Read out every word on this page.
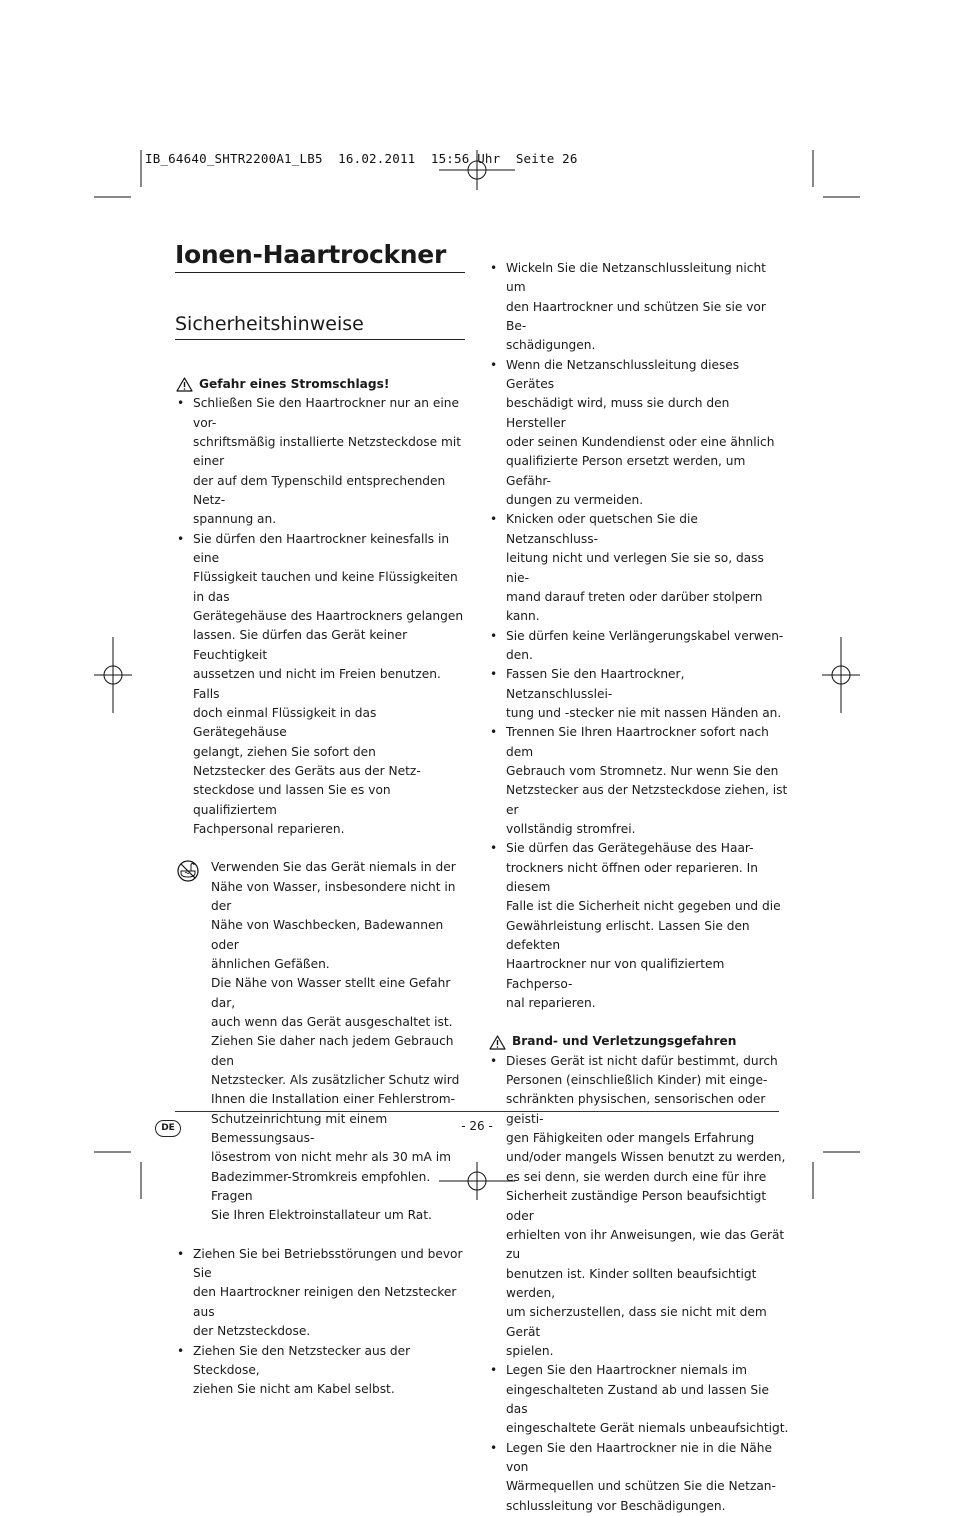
IB_64640_SHTR2200A1_LB5  16.02.2011  15:56 Uhr  Seite 26
Ionen-Haartrockner
Sicherheitshinweise
Gefahr eines Stromschlags!
• Schließen Sie den Haartrockner nur an eine vor-
schriftsmäßig installierte Netzsteckdose mit einer
der auf dem Typenschild entsprechenden Netz-
spannung an.
• Sie dürfen den Haartrockner keinesfalls in eine
Flüssigkeit tauchen und keine Flüssigkeiten in das
Gerätegehäuse des Haartrockners gelangen
lassen. Sie dürfen das Gerät keiner Feuchtigkeit
aussetzen und nicht im Freien benutzen. Falls
doch einmal Flüssigkeit in das Gerätegehäuse
gelangt, ziehen Sie sofort den
Netzstecker des Geräts aus der Netz-
steckdose und lassen Sie es von qualifiziertem
Fachpersonal reparieren.
Verwenden Sie das Gerät niemals in der
Nähe von Wasser, insbesondere nicht in der
Nähe von Waschbecken, Badewannen oder
ähnlichen Gefäßen.
Die Nähe von Wasser stellt eine Gefahr dar,
auch wenn das Gerät ausgeschaltet ist.
Ziehen Sie daher nach jedem Gebrauch den
Netzstecker. Als zusätzlicher Schutz wird
Ihnen die Installation einer Fehlerstrom-
Schutzeinrichtung mit einem Bemessungsaus-
lösestrom von nicht mehr als 30 mA im
Badezimmer-Stromkreis empfohlen. Fragen
Sie Ihren Elektroinstallateur um Rat.
• Ziehen Sie bei Betriebsstörungen und bevor Sie
den Haartrockner reinigen den Netzstecker aus
der Netzsteckdose.
• Ziehen Sie den Netzstecker aus der Steckdose,
ziehen Sie nicht am Kabel selbst.
• Wickeln Sie die Netzanschlussleitung nicht um
den Haartrockner und schützen Sie sie vor Be-
schädigungen.
• Wenn die Netzanschlussleitung dieses Gerätes
beschädigt wird, muss sie durch den Hersteller
oder seinen Kundendienst oder eine ähnlich
qualifizierte Person ersetzt werden, um Gefähr-
dungen zu vermeiden.
• Knicken oder quetschen Sie die Netzanschluss-
leitung nicht und verlegen Sie sie so, dass nie-
mand darauf treten oder darüber stolpern kann.
• Sie dürfen keine Verlängerungskabel verwen-
den.
• Fassen Sie den Haartrockner, Netzanschlusslei-
tung und -stecker nie mit nassen Händen an.
• Trennen Sie Ihren Haartrockner sofort nach dem
Gebrauch vom Stromnetz. Nur wenn Sie den
Netzstecker aus der Netzsteckdose ziehen, ist er
vollständig stromfrei.
• Sie dürfen das Gerätegehäuse des Haar-
trockners nicht öffnen oder reparieren. In diesem
Falle ist die Sicherheit nicht gegeben und die
Gewährleistung erlischt. Lassen Sie den defekten
Haartrockner nur von qualifiziertem Fachperso-
nal reparieren.
Brand- und Verletzungsgefahren
• Dieses Gerät ist nicht dafür bestimmt, durch
Personen (einschließlich Kinder) mit einge-
schränkten physischen, sensorischen oder geisti-
gen Fähigkeiten oder mangels Erfahrung
und/oder mangels Wissen benutzt zu werden,
es sei denn, sie werden durch eine für ihre
Sicherheit zuständige Person beaufsichtigt oder
erhielten von ihr Anweisungen, wie das Gerät zu
benutzen ist. Kinder sollten beaufsichtigt werden,
um sicherzustellen, dass sie nicht mit dem Gerät
spielen.
• Legen Sie den Haartrockner niemals im
eingeschalteten Zustand ab und lassen Sie das
eingeschaltete Gerät niemals unbeaufsichtigt.
• Legen Sie den Haartrockner nie in die Nähe von
Wärmequellen und schützen Sie die Netzan-
schlussleitung vor Beschädigungen.
DE	- 26 -
